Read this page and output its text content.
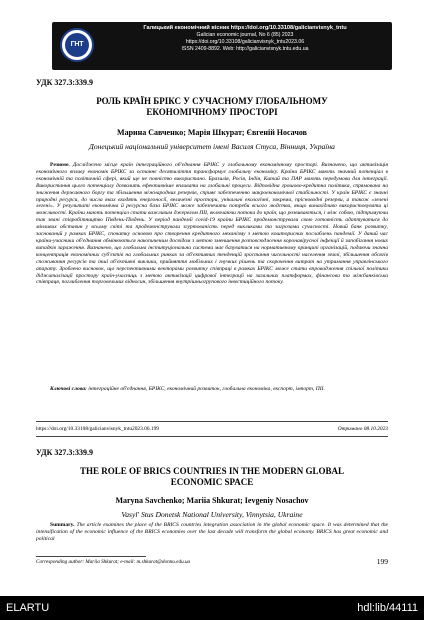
ГНТ
Галицький економічний вісник https://doi.org/10.33108/galicianvisnyk_tntu
Galician economic journal, No 6 (85) 2023
https://doi.org/10.33108/galicianvisnyk_tntu2023.06
ISSN 2409-8892. Web: http://galicianvisnyk.tntu.edu.ua
УДК 327.3:339.9
РОЛЬ КРАЇН БРІКС У СУЧАСНОМУ ГЛОБАЛЬНОМУ
ЕКОНОМІЧНОМУ ПРОСТОРІ
Марина Савченко; Марія Шкурат; Євгеній Носачов
Донецький національний університет імені Василя Стуса, Вінниця, Україна
Резюме. Досліджено місце країн інтеграційного об'єднання БРІКС у глобальному економічному просторі. Визначено, що активізація економічного впливу економік БРІКС за останнє десятиліття трансформує глобальну економіку. Країни БРІКС мають значний потенціал в економічній та політичній сфері, який ще не повністю використано. Бразилія, Росія, Індія, Китай та ПАР мають передумови для інтеграції. Використання цього потенціалу дозволить ефективніше впливати на глобальні процеси. Відповідна грошово-кредитна політика, спрямована на зниження державного боргу та збільшення міжнародних резервів, сприяє забезпеченню макроекономічної стабільності. У країн БРІКС є значні природні ресурси, до числа яких входять енергоносії, величезні простори, унікальні екологічні, зокрема, прісноводні резерви, а також «зелені легені». У результаті економічна й ресурсна база БРІКС може забезпечити потреби всього людства, якщо винахідливо використовувати ці можливості. Країни мають потенціал стати важливим джерелом ПІІ, включаючи потоки до країн, що розвиваються, і між собою, підтримуючи так звані співробітництво Південь-Південь. У період пандемії covid-19 країни БРІКС продемонстрували свою готовність адаптуватися до мінливих обставин у всьому світі та продемонстрували згуртованість перед викликами та загрозами сучасності. Новий банк розвитку, заснований у рамках БРІКС, спочатку основою про створення кредитного механізму з метою кошторисних послаблень пандемії. У даний час країни-учасники об'єднання обмінюються накопиченим досвідом з метою зменшення розповсюдження коронавірусної інфекції й запобігання нових випадків зараження. Визначено, що глобальна інституціональна система має базуватися на нормативному принципі організацій, подаючи значна концентрація економічних суб'єктів на глобальних ринках за об'єктивних тенденцій зростання чисельності населення землі, збільшення обсягів споживання ресурсів та інші об'єктивні виклики, прийняття мобільних і гнучких рішень та скорочення витрат на утримання управлінського апарату. Зроблено висновок, що перспективними векторами розвитку співпраці в рамках БРІКС може стати впровадження спільної політики діджиталізації простору країн-учасниць з метою активізації цифрової інтеграції на загальних платформах, фінансова та міжбанківська співпраця, поглиблення торговельних відносин, збільшення внутрішньогрупового інвестиційного потоку.
Ключові слова: інтеграційне об'єднання, БРІКС, економічний розвиток, глобальна економіка, експорт, імпорт, ПІІ.
https://doi.org/10.33108/galicianvisnyk_tntu2023.06.199	Отримано 08.10.2023
УДК 327.3:339.9
THE ROLE OF BRICS COUNTRIES IN THE MODERN GLOBAL
ECONOMIC SPACE
Maryna Savchenko; Mariia Shkurat; Ievgeniy Nosachov
Vasyl' Stus Donetsk National University, Vinnytsia, Ukraine
Summary. The article examines the place of the BRICS countries integration association in the global economic space. It was determined that the intensification of the economic influence of the BRICS economies over the last decade will transform the global economy. BRICS has great economic and political
Corresponding author: Mariia Shkurat; e-mail: m.shkurat@donnu.edu.ua	199
ELARTU	hdl:lib/44111
